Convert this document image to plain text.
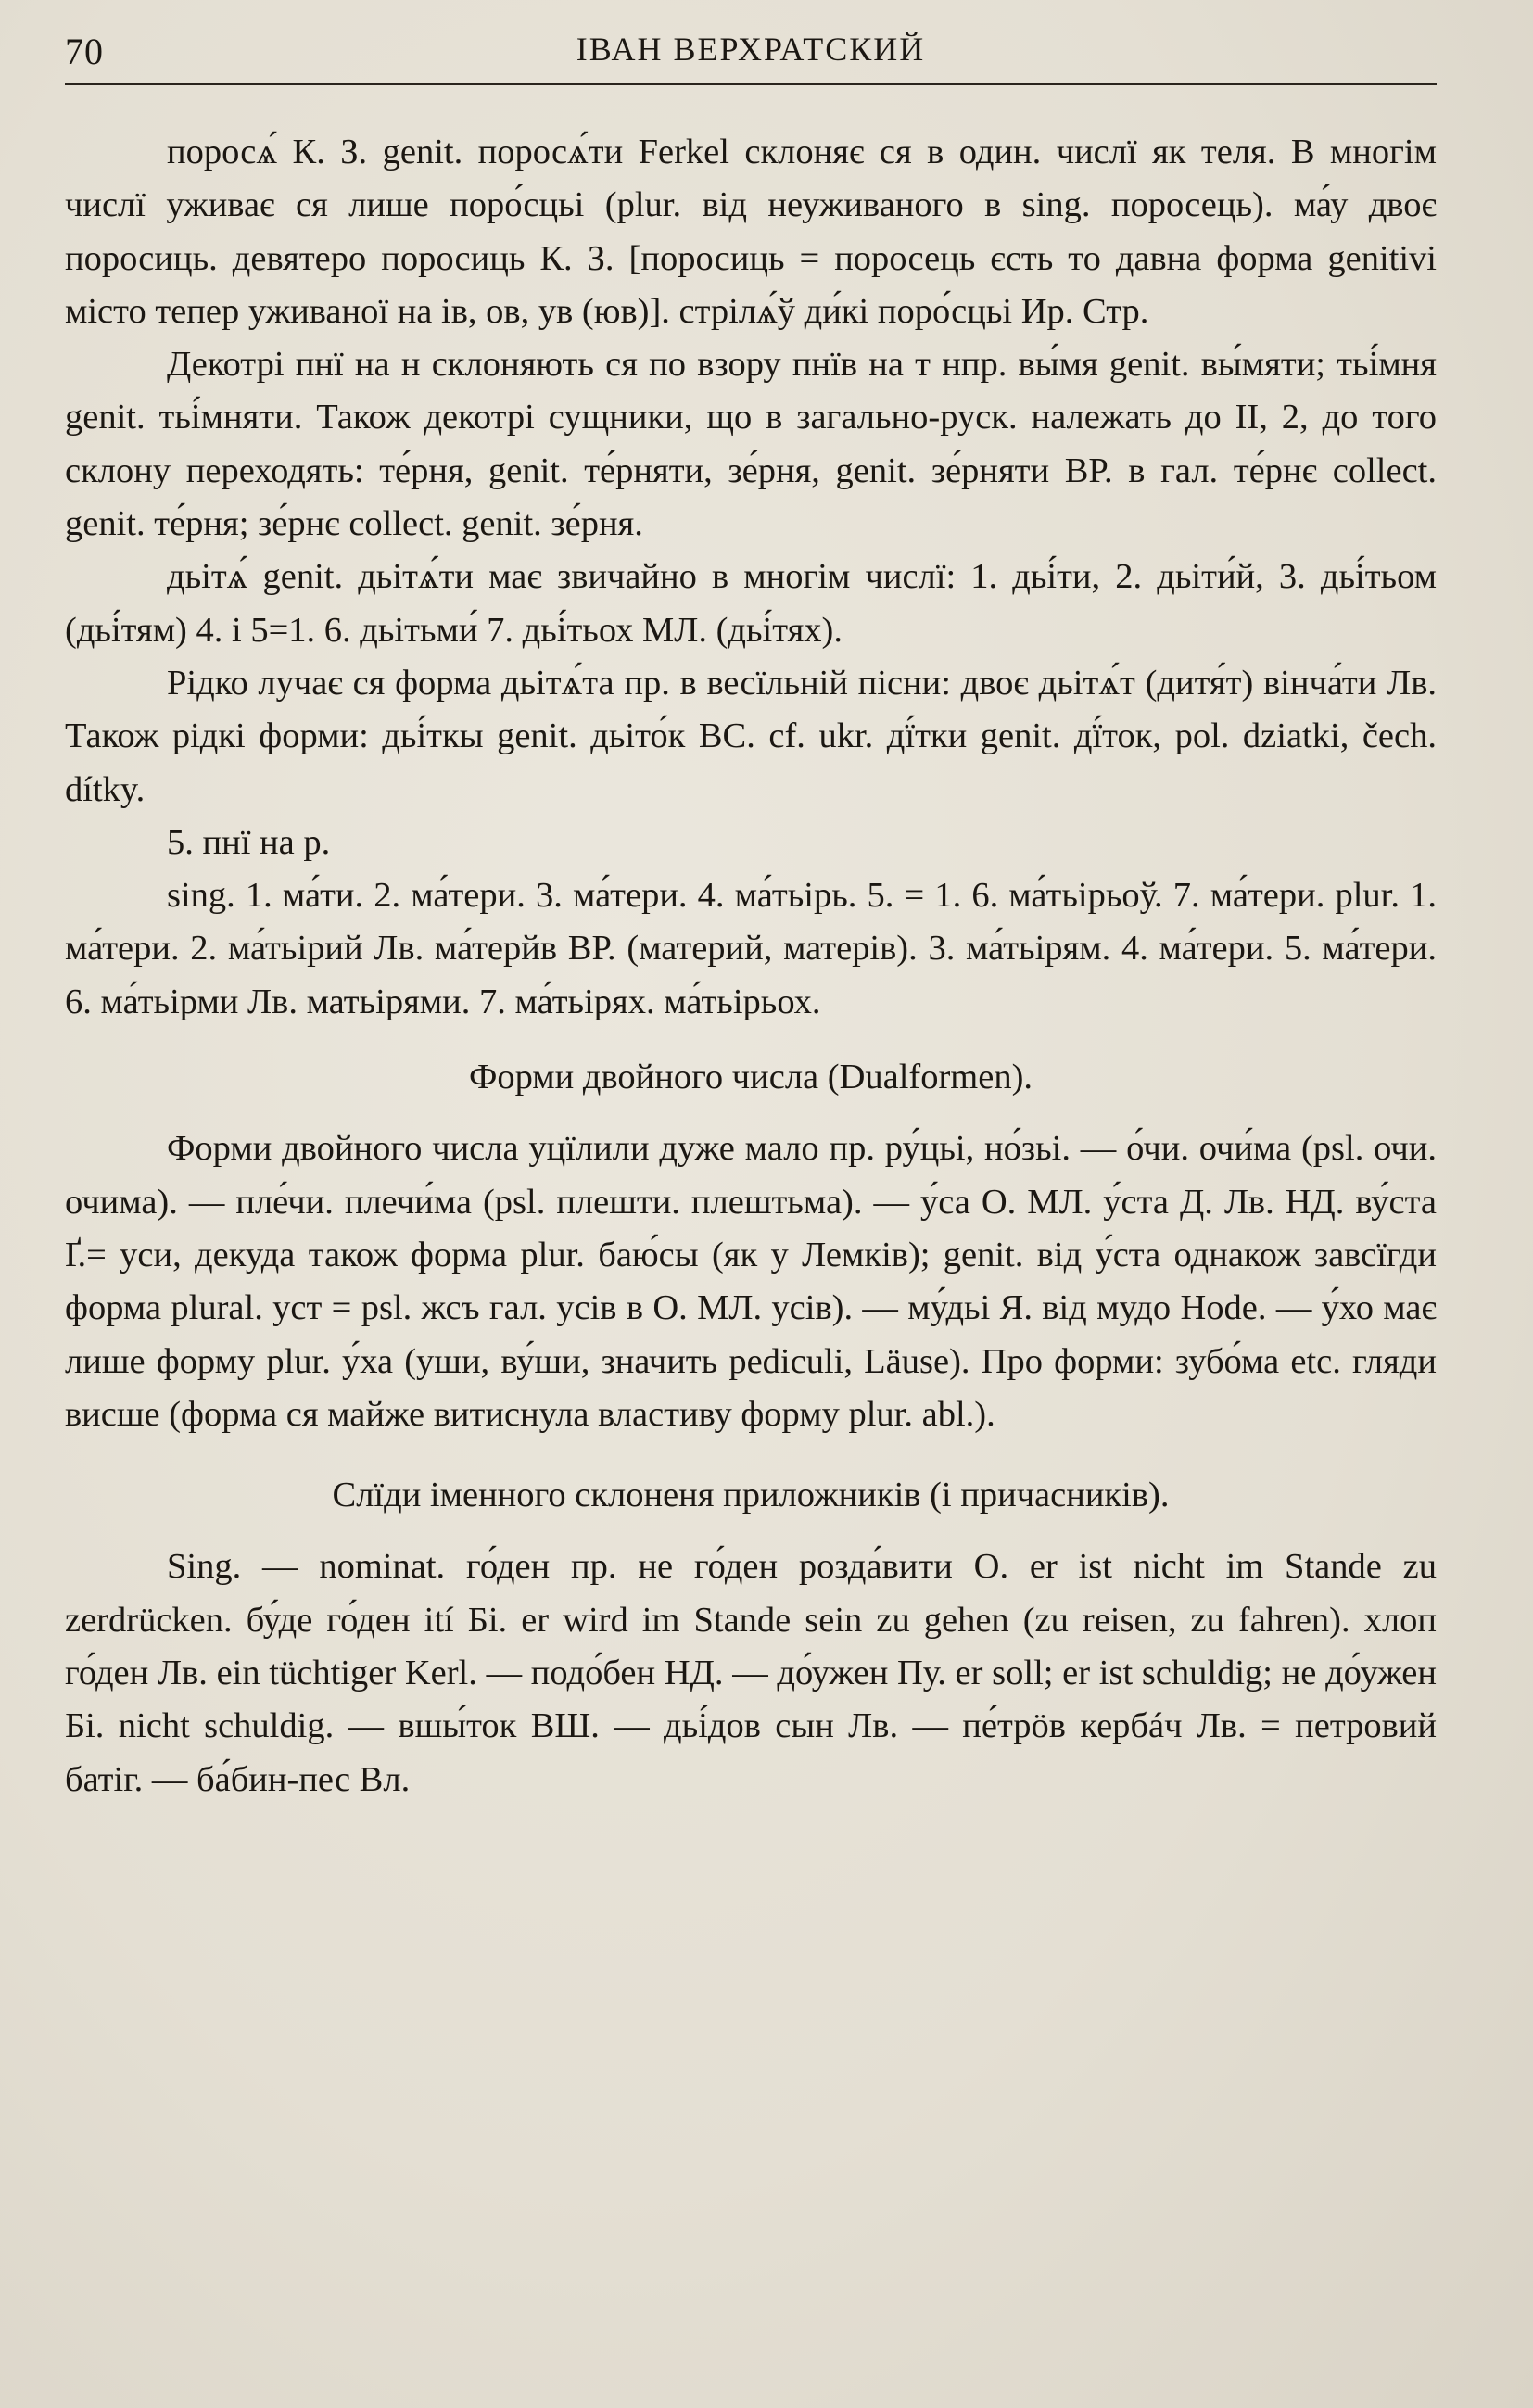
70	ІВАН ВЕРХРАТСКИЙ

поросѧ́ К. З. genit. поросѧ́ти Ferkel склоняє ся в один. числї як теля. В многім числї уживає ся лише поро́сцьі (plur. від неуживаного в sing. поросець). ма́у двоє поросиць. девятеро поросиць К. З. [поросиць = поросець єсть то давна форма genitivi місто тепер уживаної на ів, ов, ув (юв)]. стрілѧ́ў ди́кі поро́сцьі Ир. Стр.

Декотрі пнї на н склоняють ся по взору пнїв на т нпр. вы́мя genit. вы́мяти; тьі́мня genit. тьі́мняти. Також декотрі сущники, що в загально-руск. належать до II, 2, до того склону переходять: те́рня, genit. те́рняти, зе́рня, genit. зе́рняти ВР. в гал. те́рнє collect. genit. те́рня; зе́рнє collect. genit. зе́рня.

дьітѧ́ genit. дьітѧ́ти має звичайно в многім числї: 1. дьі́ти, 2. дьіти́й, 3. дьі́тьом (дьі́тям) 4. і 5=1. 6. дьітьми́ 7. дьі́тьох МЛ. (дьі́тях).

Рідко лучає ся форма дьітѧ́та пр. в весїльній пісни: двоє дьітѧ́т (дитя́т) вінча́ти Лв. Також рідкі форми: дьі́ткы genit. дьіто́к ВС. cf. ukr. дї́тки genit. дї́ток, pol. dziatki, čech. dítky.

5. пнї на р.

sing. 1. ма́ти. 2. ма́тери. 3. ма́тери. 4. ма́тьірь. 5. = 1. 6. ма́тьірьоў. 7. ма́тери. plur. 1. ма́тери. 2. ма́тьірий Лв. ма́терйв ВР. (материй, матерів). 3. ма́тьірям. 4. ма́тери. 5. ма́тери. 6. ма́тьірми Лв. матьірями. 7. ма́тьірях. ма́тьірьох.

Форми двойного числа (Dualformen).

Форми двойного числа уцїлили дуже мало пр. ру́цьі, но́зьі. — о́чи. очи́ма (psl. очи. очима). — пле́чи. плечи́ма (psl. плешти. плештьма). — у́са О. МЛ. у́ста Д. Лв. НД. ву́ста Ґ.= уси, декуда також форма plur. баю́сы (як у Лемків); genit. від у́ста однакож завсїгди форма plural. уст = psl. жсъ гал. усів в О. МЛ. усів). — му́дьі Я. від мудо Hode. — у́хо має лише форму plur. у́ха (уши, ву́ши, значить pediculi, Läuse). Про форми: зубо́ма etc. гляди висше (форма ся майже витиснула властиву форму plur. abl.).

Слїди іменного склоненя приложників (і причасників).

Sing. — nominat. го́ден пр. не го́ден розда́вити О. er ist nicht im Stande zu zerdrücken. бу́де го́ден ití Бі. er wird im Stande sein zu gehen (zu reisen, zu fahren). хлоп го́ден Лв. ein tüchtiger Kerl. — подо́бен НД. — до́ужен Пу. er soll; er ist schuldig; не до́ужен Бі. nicht schuldig. — вшы́ток ВШ. — дьі́дов сын Лв. — пе́трöв кербáч Лв. = петровий батіг. — ба́бин-пес Вл.
